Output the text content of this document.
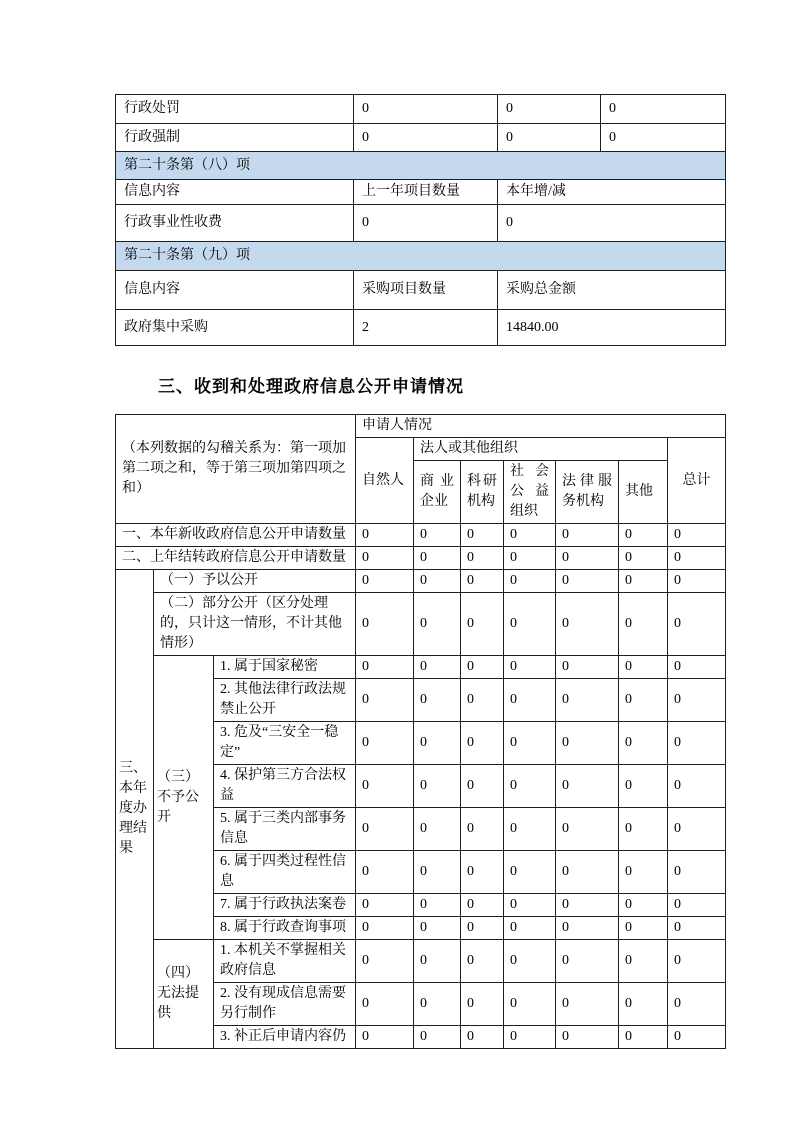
行政处罚	0	0	0
行政强制	0	0	0
第二十条第（八）项			
信息内容	上一年项目数量	本年增/减	
行政事业性收费	0	0	
第二十条第（九）项			
信息内容	采购项目数量	采购总金额	
政府集中采购	2	14840.00	
三、收到和处理政府信息公开申请情况
（本列数据的勾稽关系为：第一项加第二项之和，等于第三项加第四项之和）			申请人情况						
			自然人	法人或其他组织					总计
				商业企业	科研机构	社会公益组织	法律服务机构	其他	
一、本年新收政府信息公开申请数量			0	0	0	0	0	0	0
二、上年结转政府信息公开申请数量			0	0	0	0	0	0	0
三、本年度办理结果	（一）予以公开		0	0	0	0	0	0	0
	（二）部分公开（区分处理的，只计这一情形，不计其他情形）		0	0	0	0	0	0	0
	（三）不予公开	1. 属于国家秘密	0	0	0	0	0	0	0
		2. 其他法律行政法规禁止公开	0	0	0	0	0	0	0
		3. 危及“三安全一稳定”	0	0	0	0	0	0	0
		4. 保护第三方合法权益	0	0	0	0	0	0	0
		5. 属于三类内部事务信息	0	0	0	0	0	0	0
		6. 属于四类过程性信息	0	0	0	0	0	0	0
		7. 属于行政执法案卷	0	0	0	0	0	0	0
		8. 属于行政查询事项	0	0	0	0	0	0	0
	（四）无法提供	1. 本机关不掌握相关政府信息	0	0	0	0	0	0	0
		2. 没有现成信息需要另行制作	0	0	0	0	0	0	0
		3. 补正后申请内容仍	0	0	0	0	0	0	0
